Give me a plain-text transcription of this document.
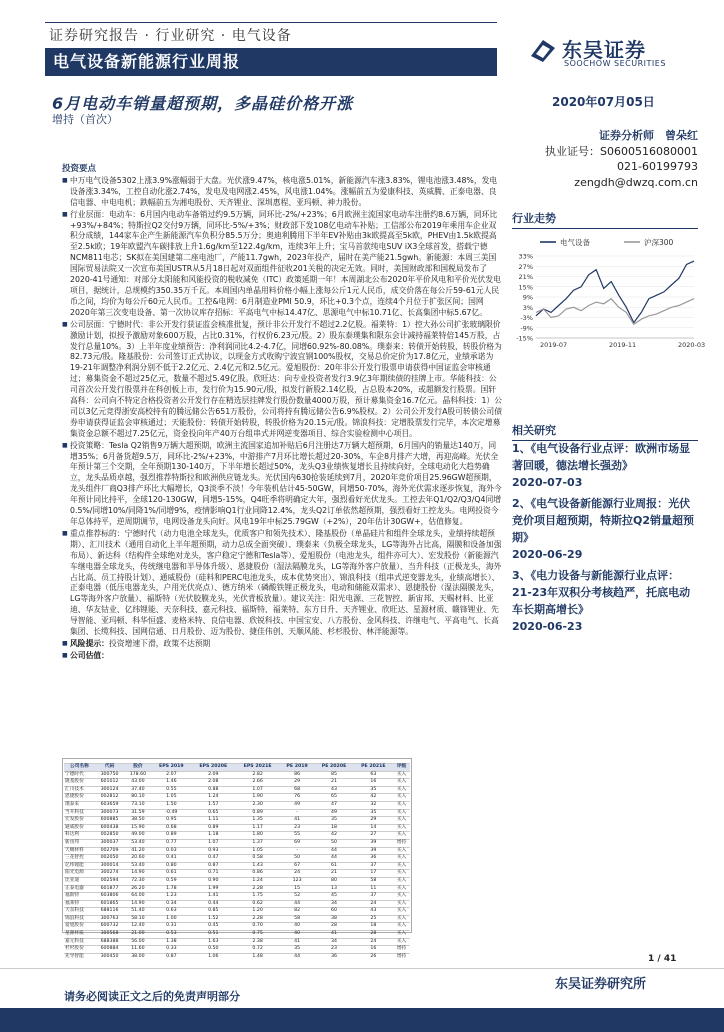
证券研究报告 · 行业研究 · 电气设备
电气设备新能源行业周报	东吴证券
SOOCHOW SECURITIES
6月电动车销量超预期，多晶硅价格开涨	2020年07月05日
增持（首次）
证券分析师　曾朵红
执业证号：S0600516080001
021-60199793
zengdh@dwzq.com.cn
行业走势
电气设备	沪深300
33%
27%
21%
15%
9%
3%
-3%
-9%
-15%
2019-07	2019-11	2020-03
相关研究
1、《电气设备行业点评：欧洲市场显著回暖，德法增长强劲》
2020-07-03
2、《电气设备新能源行业周报：光伏竞价项目超预期，特斯拉Q2销量超预期》
2020-06-29
3、《电力设备与新能源行业点评：21-23年双积分考核趋严，托底电动车长期高增长》
2020-06-23
投资要点
■ 中万电气设备5302上涨3.9%涨幅弱于大盘。光伏涨9.47%，核电涨5.01%，新能源汽车涨3.83%，锂电池涨3.48%，发电设备涨3.34%，工控自动化涨2.74%，发电及电网涨2.45%，风电涨1.04%。涨幅前五为爱康科技、英威腾、正泰电器、良信电器、中电电机；跌幅前五为湘电股份、天齐锂业、深圳惠程、亚玛顿、神力股份。
■ 行业层面：电动车：6月国内电动车备销过约9.5万辆，同环比-2%/+23%；6月欧洲主流国家电动车注册约8.6万辆，同环比+93%/+84%；特斯拉Q2交付9万辆，同环比-5%/+3%；财政部下发108亿电动车补贴；工信部公布2019年乘用车企业双积分成绩，144家车企产生新能源汽车负积分85.5万分；奥迪利腾用下半年EV补贴由3k欧提高至5k欧，PHEV由1.5k欧提高至2.5k欧；19年欧盟汽车碳排放上升1.6g/km至122.4g/km，连续3年上升；宝马首款纯电SUV iX3全球首发，搭载宁德NCM811电芯；SK拟在美国建第二座电池厂，产能11.7gwh，2023年投产，届时在美产能21.5gwh。新能源：本周三美国国际贸易法院又一次宣布美国USTR从5月18日起对双面组件征收201关税的决定无效。同时，美国财政部和国税局发布了2020-41号通知：对部分太阳能和风能投资的税收减免（ITC）政策延期一年！本周湖北公布2020年平价风电和平价光伏发电项目，据统计，总规模约350.35万千瓦。本周国内单晶用料价格小幅上涨每公斤1元人民币，成交价落在每公斤59-61元人民币之间，均价为每公斤60元人民币。工控&电网：6月制造业PMI 50.9，环比+0.3个点，连续4个月位于扩张区间；国网2020年第三次变电设备、第一次协议库存招标：平高电气中标14.47亿、思源电气中标10.71亿、长高集团中标5.67亿。
■ 公司层面：宁德时代：非公开发行获证监会核准批复，预计非公开发行不超过2.2亿股。福莱特：1）控大孙公司扩张玻璃限价激励计划，拟授予激励对象600万股，占比0.31%，行权价6.23元/股。2）股东泰璞集和限东会计减持福莱特倍145万股，占发行总量10%。3）上半年度业绩预告：净利润同比4.2-4.7亿，同增60.92%-80.08%。璞泰来：转债开始转股，转股价格为82.73元/股。隆基股份：公司签订正式协议，以现金方式收购宁波宜钢100%股权，交易总价定价为17.8亿元，业绩承诺为19-21年调整净利润分别不低于2.2亿元、2.4亿元和2.5亿元。爱旭股份：20年非公开发行股票申请获得中国证监会审核通过；募集资金不超过25亿元，数量不超过5.49亿股。欣旺达：向专业投资者发行3.9亿3年期续债的挂牌上市。华能科技：公司首次公开发行股票并在科创板上市，发行价为15.90元/股，拟发行新股2.14亿股，占总股本20%，或超额发行股票。国轩高科：公司向不特定合格投资者公开发行存在精选层挂牌发行股份数量4000万股，预计募集资金16.7亿元。晶科科技：1）公司以3亿元竞得浙安高校持有的腾远储公告651万股份，公司将持有腾远储公告6.9%股权。2）公司公开发行A股可转债公司债券申请获得证监会审核通过；天能股份：转债开始转股，转股价格为20.15元/股。锦浪科技：定增股票发行完毕，本次定增募集资金总额不超过7.25亿元，资金投向年产40万台组串式并网逆变器项目、综合实验检测中心项目。
■ 投资策略：Tesla Q2销售9万辆大超预期，欧洲主流国家追加补贴后6月注册达7万辆大超预期，6月国内的销量达140万，同增35%；6月备货超9.5万，同环比-2%/+23%，中游排产7月环比增长超过20-30%，车企8月排产大增，再迎高峰。光伏全年预计第三个交期，全年预期130-140万，下半年增长超过50%，龙头Q3业绩恢复增长且持续向好，全球电动化大趋势确立，龙头品质卓越，强烈推荐特斯拉和欧洲供应链龙头。光伏国内630抢装延续到7月，2020年竞价项目25.96GW超预期，龙头组件厂商Q3排产环比大幅增长，Q3淡季不淡！今年装机估计45-50GW，同增50-70%，海外光伏需求逐步恢复，海外今年预计同比持平，全球120-130GW，同增5-15%，Q4旺季将明确定大年，强烈看好光伏龙头。工控去年Q1/Q2/Q3/Q4同增0.5%/同增10%/同降1%/同增9%，疫情影响Q1行业同降12.4%，龙头Q2订单依然超预期，强烈看好工控龙头。电网投资今年总体持平，逆周期调节，电网设备龙头向好。风电19年中标25.79GW（+2%），20年估计30GW+，估值修复。
■ 重点推荐标的：宁德时代（动力电池全球龙头，优质客户和领先技术）、隆基股份（单晶硅片和组件全球龙头，业绩持续超预期）、汇川技术（通用自动化上半年超预期，动力总成全面突破）、璞泰来（负极全球龙头，LG等海外占比高，隔膜和设备加强布局）、新达科（结构件全球绝对龙头，客户稳定宁德和Tesla等）、爱旭股份（电池龙头，组件亦可大）、宏发股份（新能源汽车继电器全球龙头，传统继电器和半导体升级）、恩捷股份（湿法隔膜龙头，LG等海外客户放量）、当升科技（正极龙头，海外占比高、员工持股计划）、通威股份（硅料和PERC电池龙头，成本优势突出）、锦浪科技（组串式逆变器龙头，业绩高增长）、正泰电器（低压电器龙头，户用光伏亮点）、德方纳米（磷酸铁锂正极龙头，电动和储能双需求）、恩捷股份（湿法隔膜龙头，LG等海外客户放量）、福斯特（光伏胶膜龙头，光伏背板放量）。建议关注：阳光电源、三花智控、新宙邦、天赐材料、比亚迪、华友钴业、亿纬锂能、天奈科技、嘉元科技、福斯特、福莱特、东方日升、天齐锂业、欣旺达、星源材质、赣锋锂业、先导智能、亚玛顿、科华恒盛、麦格米特、良信电器、欣锐科技、中国宝安、八方股份、金风科技、许继电气、平高电气、长高集团、长缆科技、国网信通、日月股份、迈为股份、捷佳伟创、天顺风能、杉杉股份、林洋能源等。
■ 风险提示：投资增速下滑，政策不达预期
■ 公司估值：
公司名称	代码	股价	EPS 2019	EPS 2020E	EPS 2021E	PE 2019	PE 2020E	PE 2021E	评级
宁德时代	300750	178.60	2.07	2.09	2.82	86	85	63	买入
隆基股份	601012	43.00	1.46	2.08	2.66	29	21	16	买入
汇川技术	300124	37.40	0.55	0.88	1.07	68	43	35	买入
恩捷股份	002812	80.10	1.05	1.24	1.90	76	65	42	买入
璞泰来	603659	73.10	1.50	1.57	2.30	49	47	32	买入
当升科技	300073	31.59	-0.49	0.65	0.89	-	49	35	买入
宏发股份	600885	38.50	0.95	1.11	1.35	41	35	29	买入
通威股份	600438	15.90	0.68	0.89	1.17	23	18	14	买入
科达利	002850	49.00	0.89	1.18	1.80	55	42	27	买入
新宙邦	300037	53.40	0.77	1.07	1.37	69	50	39	增持
天赐材料	002709	41.20	0.03	0.93	1.05	-	44	39	买入
三花智控	002050	20.60	0.41	0.47	0.58	50	44	36	买入
亿纬锂能	300014	53.40	0.80	0.87	1.43	67	61	37	买入
阳光电源	300274	14.90	0.61	0.71	0.86	24	21	17	买入
比亚迪	002594	72.30	0.59	0.90	1.24	123	80	58	买入
正泰电器	601877	26.20	1.78	1.99	2.28	15	13	11	买入
福斯特	603806	64.00	1.23	1.41	1.75	52	45	37	买入
福莱特	601865	14.90	0.34	0.44	0.62	44	34	24	买入
天奈科技	688116	51.40	0.63	0.85	1.20	82	60	43	买入
锦浪科技	300763	58.10	1.00	1.52	2.28	58	38	25	买入
爱旭股份	600732	12.40	0.31	0.45	0.70	40	28	18	买入
星源材质	300568	21.00	0.53	0.51	0.75	40	41	28	买入
嘉元科技	688388	56.00	1.38	1.63	2.38	41	34	24	买入
杉杉股份	600884	11.60	0.33	0.50	0.72	35	23	16	增持
先导智能	300450	38.00	0.87	1.06	1.48	44	36	26	增持	1 / 41
东吴证券研究所
请务必阅读正文之后的免责声明部分
